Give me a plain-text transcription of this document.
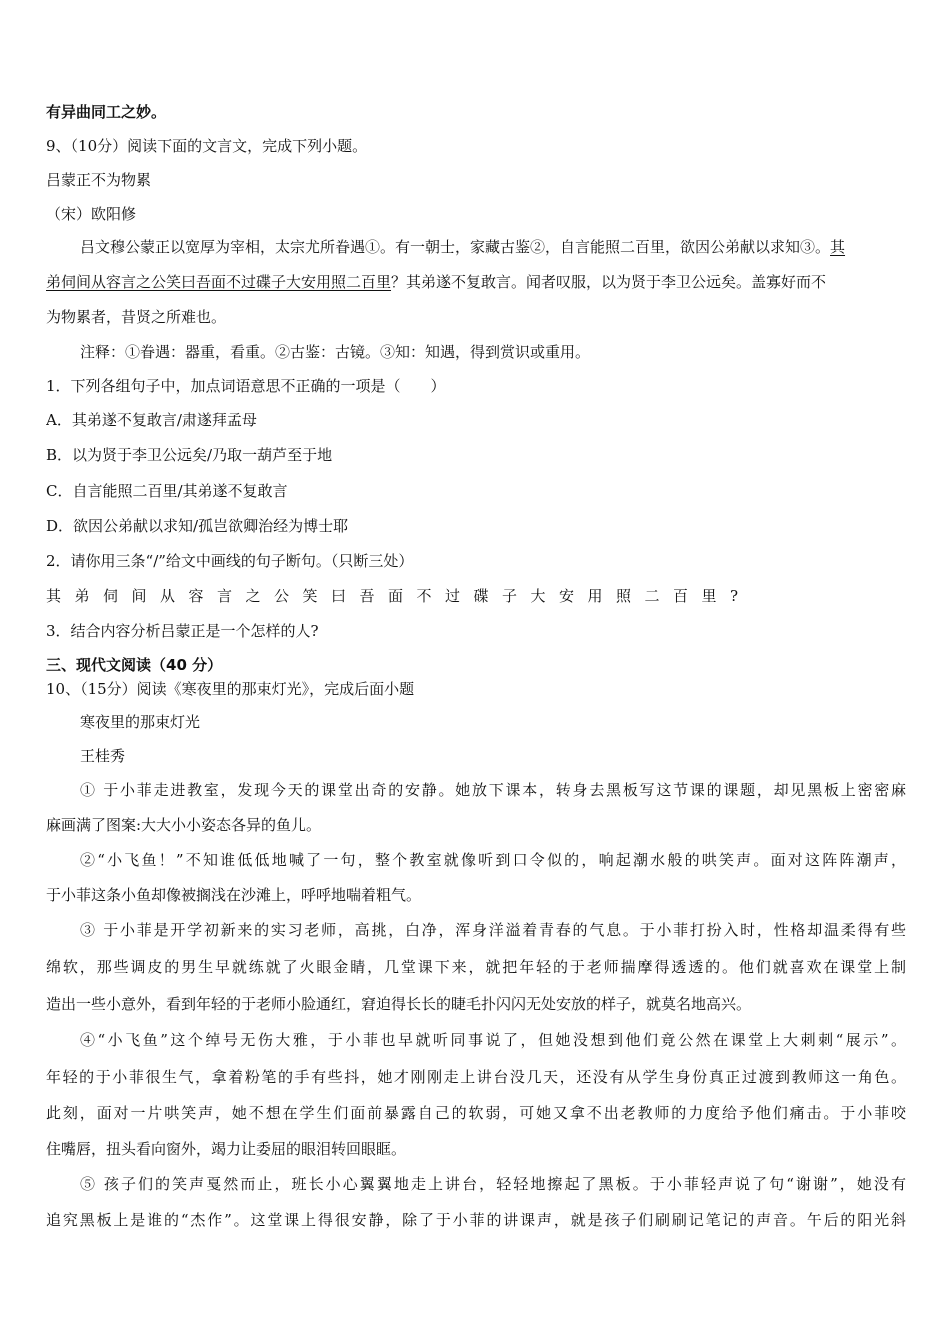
有异曲同工之妙。
9、（10分）阅读下面的文言文，完成下列小题。
吕蒙正不为物累
（宋）欧阳修
吕文穆公蒙正以宽厚为宰相，太宗尤所眷遇①。有一朝士，家藏古鉴②，自言能照二百里，欲因公弟献以求知③。其
弟伺间从容言之公笑曰吾面不过碟子大安用照二百里？其弟遂不复敢言。闻者叹服，以为贤于李卫公远矣。盖寡好而不
为物累者，昔贤之所难也。
注释：①眷遇：器重，看重。②古鉴：古镜。③知：知遇，得到赏识或重用。
1．下列各组句子中，加点词语意思不正确的一项是（　　）
A．其弟遂不复敢言/肃遂拜孟母
B．以为贤于李卫公远矣/乃取一葫芦至于地
C．自言能照二百里/其弟遂不复敢言
D．欲因公弟献以求知/孤岂欲卿治经为博士耶
2．请你用三条“/”给文中画线的句子断句。（只断三处）
其弟伺间从容言之公笑曰吾面不过碟子大安用照二百里?
3．结合内容分析吕蒙正是一个怎样的人?
三、现代文阅读（40 分）
10、（15分）阅读《寒夜里的那束灯光》，完成后面小题
寒夜里的那束灯光
王桂秀
① 于小菲走进教室，发现今天的课堂出奇的安静。她放下课本，转身去黑板写这节课的课题，却见黑板上密密麻
麻画满了图案:大大小小姿态各异的鱼儿。
②“小飞鱼！”不知谁低低地喊了一句，整个教室就像听到口令似的，响起潮水般的哄笑声。面对这阵阵潮声，
于小菲这条小鱼却像被搁浅在沙滩上，呼呼地喘着粗气。
③ 于小菲是开学初新来的实习老师，高挑，白净，浑身洋溢着青春的气息。于小菲打扮入时，性格却温柔得有些
绵软，那些调皮的男生早就练就了火眼金睛，几堂课下来，就把年轻的于老师揣摩得透透的。他们就喜欢在课堂上制
造出一些小意外，看到年轻的于老师小脸通红，窘迫得长长的睫毛扑闪闪无处安放的样子，就莫名地高兴。
④“小飞鱼”这个绰号无伤大雅，于小菲也早就听同事说了，但她没想到他们竟公然在课堂上大刺刺“展示”。
年轻的于小菲很生气，拿着粉笔的手有些抖，她才刚刚走上讲台没几天，还没有从学生身份真正过渡到教师这一角色。
此刻，面对一片哄笑声，她不想在学生们面前暴露自己的软弱，可她又拿不出老教师的力度给予他们痛击。于小菲咬
住嘴唇，扭头看向窗外，竭力让委屈的眼泪转回眼眶。
⑤ 孩子们的笑声戛然而止，班长小心翼翼地走上讲台，轻轻地擦起了黑板。于小菲轻声说了句“谢谢”，她没有
追究黑板上是谁的“杰作”。这堂课上得很安静，除了于小菲的讲课声，就是孩子们刷刷记笔记的声音。午后的阳光斜
